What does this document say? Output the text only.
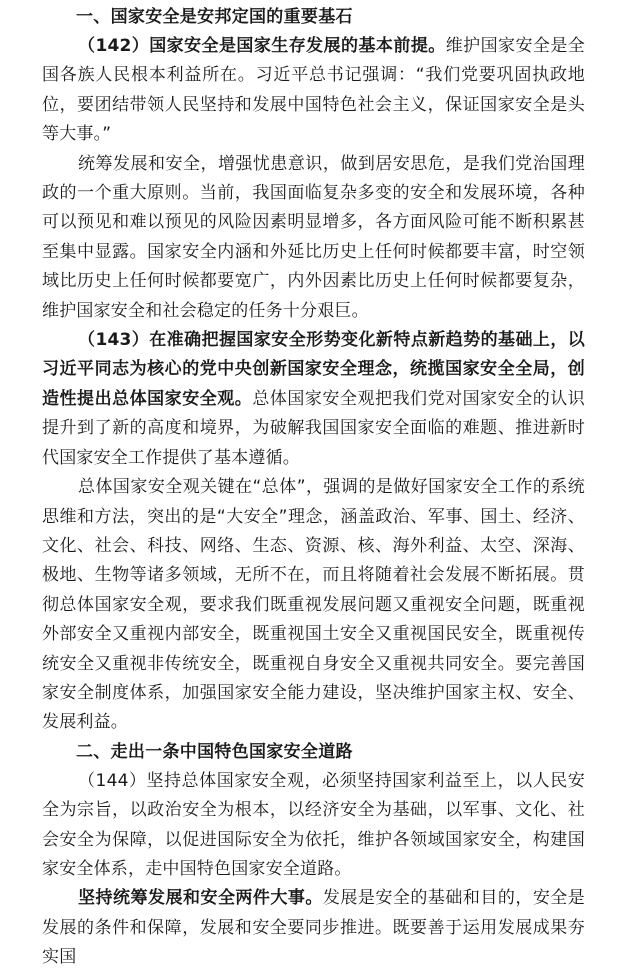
一、国家安全是安邦定国的重要基石

（142）国家安全是国家生存发展的基本前提。维护国家安全是全国各族人民根本利益所在。习近平总书记强调：“我们党要巩固执政地位，要团结带领人民坚持和发展中国特色社会主义，保证国家安全是头等大事。”

统筹发展和安全，增强忧患意识，做到居安思危，是我们党治国理政的一个重大原则。当前，我国面临复杂多变的安全和发展环境，各种可以预见和难以预见的风险因素明显增多，各方面风险可能不断积累甚至集中显露。国家安全内涵和外延比历史上任何时候都要丰富，时空领域比历史上任何时候都要宽广，内外因素比历史上任何时候都要复杂，维护国家安全和社会稳定的任务十分艰巨。

（143）在准确把握国家安全形势变化新特点新趋势的基础上，以习近平同志为核心的党中央创新国家安全理念，统揽国家安全全局，创造性提出总体国家安全观。总体国家安全观把我们党对国家安全的认识提升到了新的高度和境界，为破解我国国家安全面临的难题、推进新时代国家安全工作提供了基本遵循。

总体国家安全观关键在“总体”，强调的是做好国家安全工作的系统思维和方法，突出的是“大安全”理念，涵盖政治、军事、国土、经济、文化、社会、科技、网络、生态、资源、核、海外利益、太空、深海、极地、生物等诸多领域，无所不在，而且将随着社会发展不断拓展。贯彻总体国家安全观，要求我们既重视发展问题又重视安全问题，既重视外部安全又重视内部安全，既重视国土安全又重视国民安全，既重视传统安全又重视非传统安全，既重视自身安全又重视共同安全。要完善国家安全制度体系，加强国家安全能力建设，坚决维护国家主权、安全、发展利益。

二、走出一条中国特色国家安全道路

（144）坚持总体国家安全观，必须坚持国家利益至上，以人民安全为宗旨，以政治安全为根本，以经济安全为基础，以军事、文化、社会安全为保障，以促进国际安全为依托，维护各领域国家安全，构建国家安全体系，走中国特色国家安全道路。

坚持统筹发展和安全两件大事。发展是安全的基础和目的，安全是发展的条件和保障，发展和安全要同步推进。既要善于运用发展成果夯实国
